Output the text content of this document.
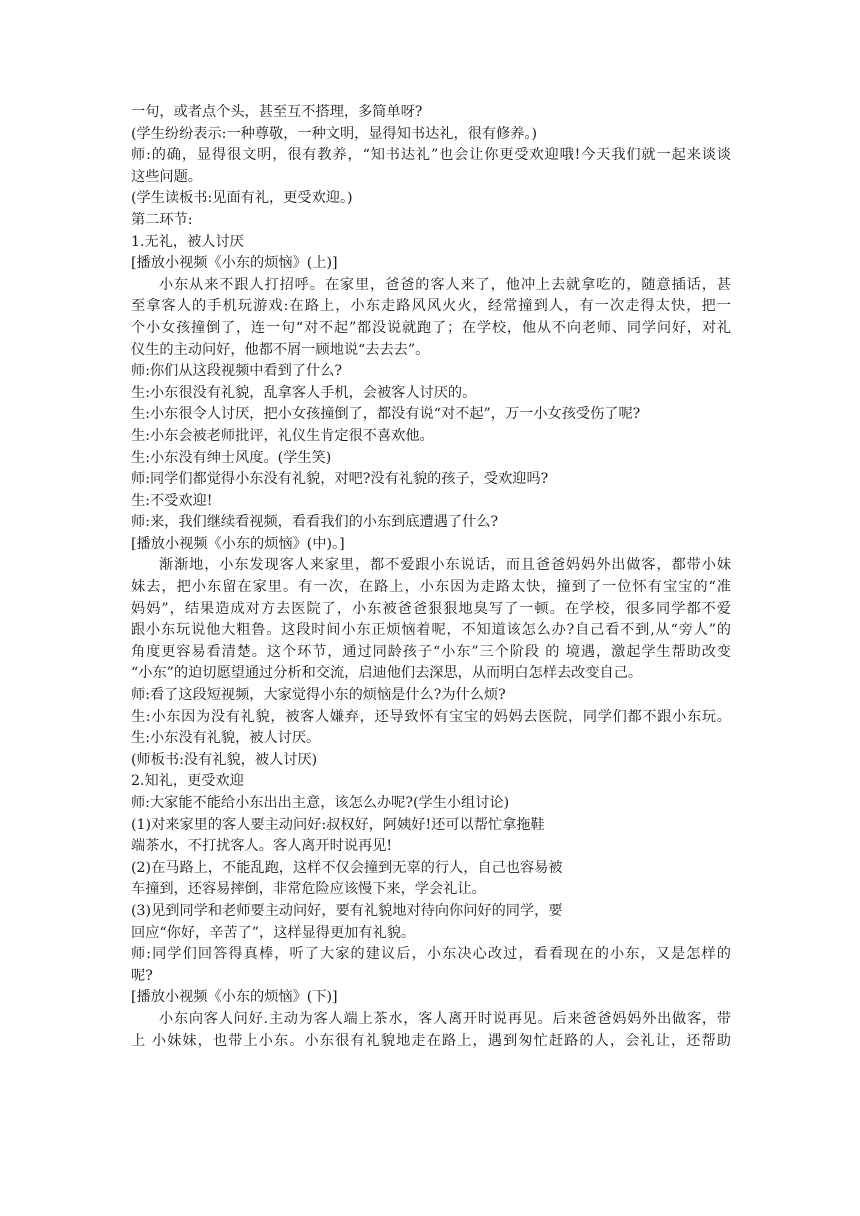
一句，或者点个头，甚至互不搭理，多简单呀?

(学生纷纷表示:一种尊敬，一种文明，显得知书达礼，很有修养。)

师:的确，显得很文明，很有教养，“知书达礼”也会让你更受欢迎哦!今天我们就一起来谈谈

这些问题。

(学生读板书:见面有礼，更受欢迎。)

第二环节:

1.无礼，被人讨厌

[播放小视频《小东的烦恼》(上)]

小东从来不跟人打招呼。在家里，爸爸的客人来了，他冲上去就拿吃的，随意插话，甚

至拿客人的手机玩游戏:在路上，小东走路风风火火，经常撞到人，有一次走得太快，把一

个小女孩撞倒了，连一句“对不起”都没说就跑了；在学校，他从不向老师、同学问好，对礼

仪生的主动问好，他都不屑一顾地说“去去去”。

师:你们从这段视频中看到了什么?

生:小东很没有礼貌，乱拿客人手机，会被客人讨厌的。

生:小东很令人讨厌，把小女孩撞倒了，都没有说“对不起”，万一小女孩受伤了呢?

生:小东会被老师批评，礼仪生肯定很不喜欢他。

生:小东没有绅士风度。(学生笑)

师:同学们都觉得小东没有礼貌，对吧?没有礼貌的孩子，受欢迎吗?

生:不受欢迎!

师:来，我们继续看视频，看看我们的小东到底遭遇了什么?

[播放小视频《小东的烦恼》(中)。]

渐渐地，小东发现客人来家里，都不爱跟小东说话，而且爸爸妈妈外出做客，都带小妹

妹去，把小东留在家里。有一次，在路上，小东因为走路太快，撞到了一位怀有宝宝的“准

妈妈”，结果造成对方去医院了，小东被爸爸狠狠地臭写了一顿。在学校，很多同学都不爱

跟小东玩说他大粗鲁。这段时间小东正烦恼着呢，不知道该怎么办?自己看不到,从“旁人”的

角度更容易看清楚。这个环节，通过同龄孩子“小东”三个阶段 的 境遇，激起学生帮助改变

“小东”的迫切愿望通过分析和交流，启迪他们去深思，从而明白怎样去改变自己。

师:看了这段短视频，大家觉得小东的烦恼是什么?为什么烦?

生:小东因为没有礼貌，被客人嫌弃，还导致怀有宝宝的妈妈去医院，同学们都不跟小东玩。

生:小东没有礼貌，被人讨厌。

(师板书:没有礼貌，被人讨厌)

2.知礼，更受欢迎

师:大家能不能给小东出出主意，该怎么办呢?(学生小组讨论)

(1)对来家里的客人要主动问好:叔权好，阿姨好!还可以帮忙拿拖鞋

端茶水，不打扰客人。客人离开时说再见!

(2)在马路上，不能乱跑，这样不仅会撞到无辜的行人，自己也容易被

车撞到，还容易摔倒，非常危险应该慢下来，学会礼让。

(3)见到同学和老师要主动问好，要有礼貌地对待向你问好的同学，要

回应“你好，辛苦了”，这样显得更加有礼貌。

师:同学们回答得真棒，听了大家的建议后，小东决心改过，看看现在的小东，又是怎样的

呢?

[播放小视频《小东的烦恼》(下)]

小东向客人问好.主动为客人端上茶水，客人离开时说再见。后来爸爸妈妈外出做客，带

上 小妹妹，也带上小东。小东很有礼貌地走在路上，遇到匆忙赶路的人，会礼让，还帮助
